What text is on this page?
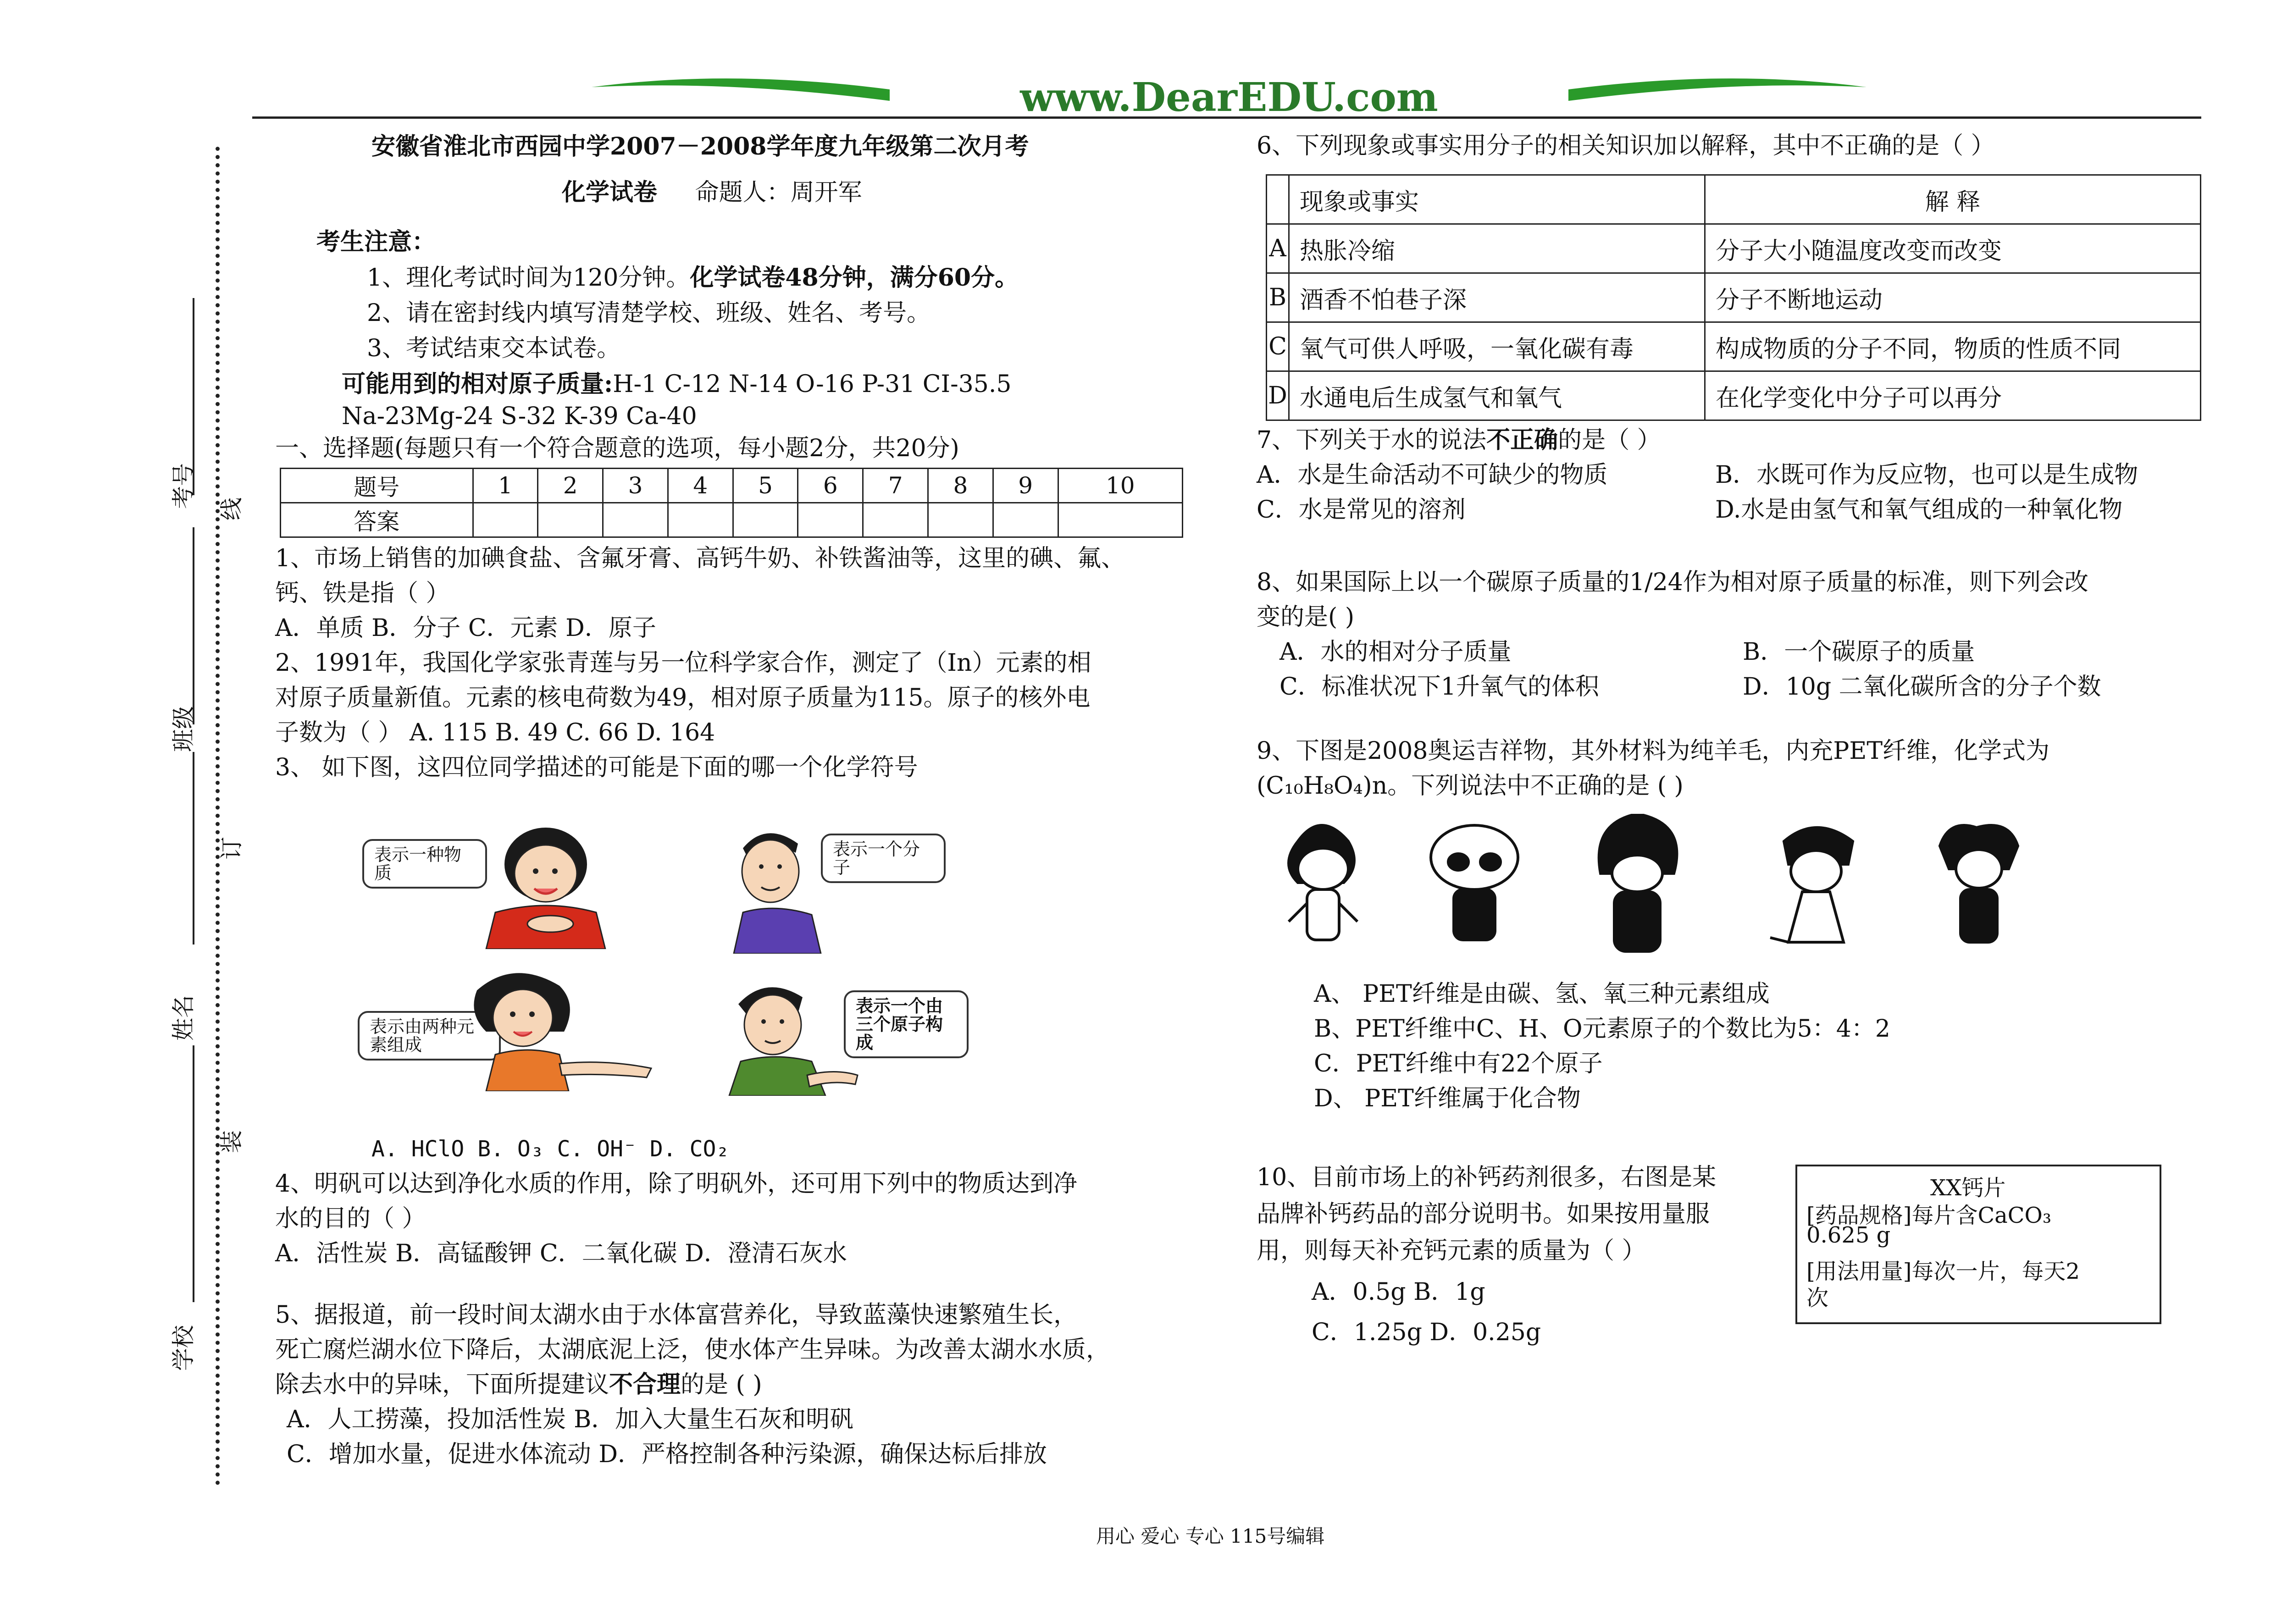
www.DearEDU.com
考号
班级
姓名
学校
线
订
装
安徽省淮北市西园中学2007－2008学年度九年级第二次月考
化学试卷 命题人：周开军
考生注意：
1、理化考试时间为120分钟。化学试卷48分钟，满分60分。
2、请在密封线内填写清楚学校、班级、姓名、考号。
3、考试结束交本试卷。
可能用到的相对原子质量:H-1 C-12 N-14 O-16 P-31 CI-35.5
Na-23Mg-24 S-32 K-39 Ca-40
一、选择题(每题只有一个符合题意的选项，每小题2分，共20分)
题号	1	2	3	4	5	6	7	8	9	10
答案										
1、市场上销售的加碘食盐、含氟牙膏、高钙牛奶、补铁酱油等，这里的碘、氟、
钙、铁是指（ ）
A．单质 B．分子 C．元素 D．原子
2、1991年，我国化学家张青莲与另一位科学家合作，测定了（In）元素的相
对原子质量新值。元素的核电荷数为49，相对原子质量为115。原子的核外电
子数为（ ） A. 115 B. 49 C. 66 D. 164
3、 如下图，这四位同学描述的可能是下面的哪一个化学符号
表示一种物质
表示一个分子
表示由两种元素组成
表示一个由三个原子构成
A. HClO B. O₃ C. OH⁻ D. CO₂
4、明矾可以达到净化水质的作用，除了明矾外，还可用下列中的物质达到净
水的目的（ ）
A．活性炭 B．高锰酸钾 C．二氧化碳 D．澄清石灰水
5、据报道，前一段时间太湖水由于水体富营养化，导致蓝藻快速繁殖生长，
死亡腐烂湖水位下降后，太湖底泥上泛，使水体产生异味。为改善太湖水水质，
除去水中的异味，下面所提建议不合理的是 ( )
A．人工捞藻，投加活性炭 B．加入大量生石灰和明矾
C．增加水量，促进水体流动 D．严格控制各种污染源，确保达标后排放
6、下列现象或事实用分子的相关知识加以解释，其中不正确的是（ ）
	现象或事实	解 释
A	热胀冷缩	分子大小随温度改变而改变
B	酒香不怕巷子深	分子不断地运动
C	氧气可供人呼吸，一氧化碳有毒	构成物质的分子不同，物质的性质不同
D	水通电后生成氢气和氧气	在化学变化中分子可以再分
7、下列关于水的说法不正确的是（ ）
A．水是生命活动不可缺少的物质	B．水既可作为反应物，也可以是生成物
C．水是常见的溶剂	D.水是由氢气和氧气组成的一种氧化物
8、如果国际上以一个碳原子质量的1/24作为相对原子质量的标准，则下列会改
变的是( )
A．水的相对分子质量	B．一个碳原子的质量
C．标准状况下1升氧气的体积	D．10g 二氧化碳所含的分子个数
9、下图是2008奥运吉祥物，其外材料为纯羊毛，内充PET纤维，化学式为
(C₁₀H₈O₄)n。下列说法中不正确的是 ( )
A、 PET纤维是由碳、氢、氧三种元素组成
B、PET纤维中C、H、O元素原子的个数比为5：4：2
C．PET纤维中有22个原子
D、 PET纤维属于化合物
10、目前市场上的补钙药剂很多，右图是某
品牌补钙药品的部分说明书。如果按用量服
用，则每天补充钙元素的质量为（ ）
A．0.5g B．1g
C．1.25g D．0.25g
XX钙片
[药品规格]每片含CaCO₃
0.625 g
[用法用量]每次一片，每天2
次
用心 爱心 专心 115号编辑
